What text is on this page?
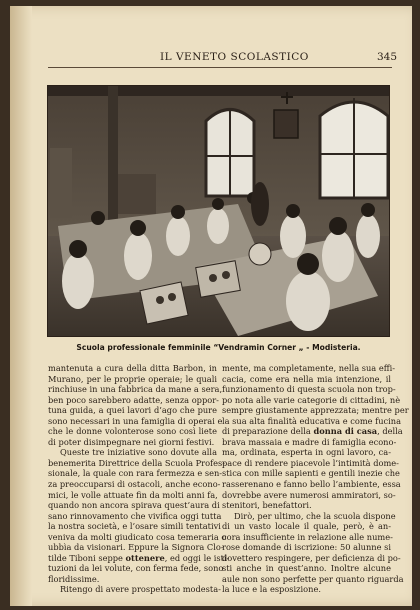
IL VENETO SCOLASTICO	345
Scuola professionale femminile “Vendramin Corner „ - Modisteria.
mantenuta a cura della ditta Barbon, in
Murano, per le proprie operaie; le quali
rinchiuse in una fabbrica da mane a sera,
ben poco sarebbero adatte, senza oppor-
tuna guida, a quei lavori d’ago che pure
sono necessari in una famiglia di operai e
che le donne volonterose sono così liete
di poter disimpegnare nei giorni festivi.
Queste tre iniziative sono dovute alla
benemerita Direttrice della Scuola Profes-
sionale, la quale con rara fermezza e sen-
za preoccuparsi di ostacoli, anche econo-
mici, le volle attuate fin da molti anni fa,
quando non ancora spirava quest’aura di
sano rinnovamento che vivifica oggi tutta
la nostra società, e l’osare simili tentativi
veniva da molti giudicato cosa temeraria o
ubbìa da visionari. Eppure la Signora Clo-
tilde Tiboni seppe ottenere, ed oggi le isti-
tuzioni da lei volute, con ferma fede, sono
floridissime.
Ritengo di avere prospettato modesta-
mente, ma completamente, nella sua effi-
cacia, come era nella mia intenzione, il
funzionamento di questa scuola non trop-
po nota alle varie categorie di cittadini, nè
sempre giustamente apprezzata; mentre per
la sua alta finalità educativa e come fucina
di preparazione della donna di casa, della
brava massaia e madre di famiglia econo-
ma, ordinata, esperta in ogni lavoro, ca-
pace di rendere piacevole l’intimità dome-
stica con mille sapienti e gentili inezie che
rasserenano e fanno bello l’ambiente, essa
dovrebbe avere numerosi ammiratori, so-
stenitori, benefattori.
Dirò, per ultimo, che la scuola dispone
di un vasto locale il quale, però, è an-
cora insufficiente in relazione alle nume-
rose domande di iscrizione: 50 alunne si
dovettero respingere, per deficienza di po-
sti anche in quest’anno. Inoltre alcune
aule non sono perfette per quanto riguarda
la luce e la esposizione.
